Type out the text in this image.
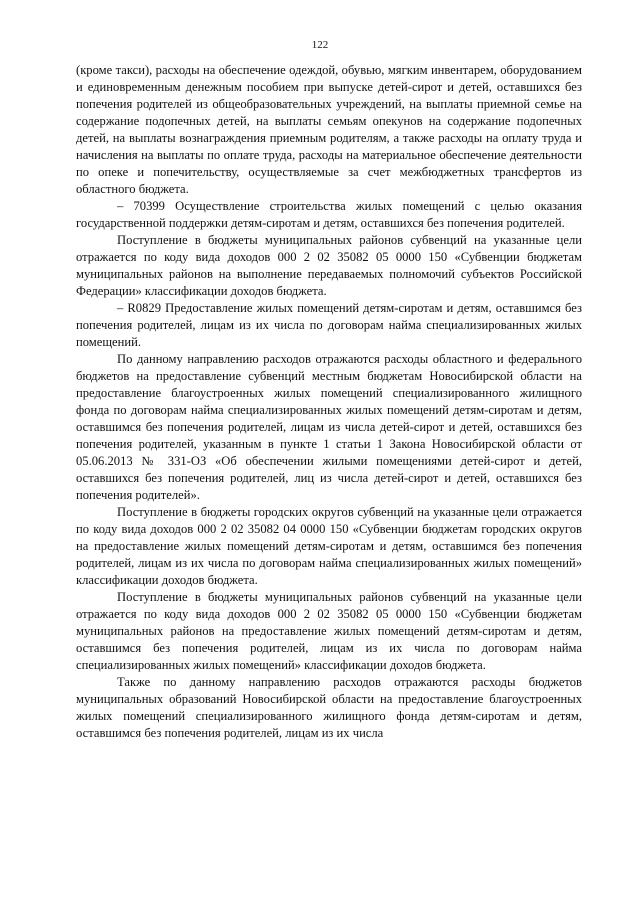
122

(кроме такси), расходы на обеспечение одеждой, обувью, мягким инвентарем, оборудованием и единовременным денежным пособием при выпуске детей-сирот и детей, оставшихся без попечения родителей из общеобразовательных учреждений, на выплаты приемной семье на содержание подопечных детей, на выплаты семьям опекунов на содержание подопечных детей, на выплаты вознаграждения приемным родителям, а также расходы на оплату труда и начисления на выплаты по оплате труда, расходы на материальное обеспечение деятельности по опеке и попечительству, осуществляемые за счет межбюджетных трансфертов из областного бюджета.

– 70399 Осуществление строительства жилых помещений с целью оказания государственной поддержки детям-сиротам и детям, оставшихся без попечения родителей.

Поступление в бюджеты муниципальных районов субвенций на указанные цели отражается по коду вида доходов 000 2 02 35082 05 0000 150 «Субвенции бюджетам муниципальных районов на выполнение передаваемых полномочий субъектов Российской Федерации» классификации доходов бюджета.

– R0829 Предоставление жилых помещений детям-сиротам и детям, оставшимся без попечения родителей, лицам из их числа по договорам найма специализированных жилых помещений.

По данному направлению расходов отражаются расходы областного и федерального бюджетов на предоставление субвенций местным бюджетам Новосибирской области на предоставление благоустроенных жилых помещений специализированного жилищного фонда по договорам найма специализированных жилых помещений детям-сиротам и детям, оставшимся без попечения родителей, лицам из числа детей-сирот и детей, оставшихся без попечения родителей, указанным в пункте 1 статьи 1 Закона Новосибирской области от 05.06.2013 № 331-ОЗ «Об обеспечении жилыми помещениями детей-сирот и детей, оставшихся без попечения родителей, лиц из числа детей-сирот и детей, оставшихся без попечения родителей».

Поступление в бюджеты городских округов субвенций на указанные цели отражается по коду вида доходов 000 2 02 35082 04 0000 150 «Субвенции бюджетам городских округов на предоставление жилых помещений детям-сиротам и детям, оставшимся без попечения родителей, лицам из их числа по договорам найма специализированных жилых помещений» классификации доходов бюджета.

Поступление в бюджеты муниципальных районов субвенций на указанные цели отражается по коду вида доходов 000 2 02 35082 05 0000 150 «Субвенции бюджетам муниципальных районов на предоставление жилых помещений детям-сиротам и детям, оставшимся без попечения родителей, лицам из их числа по договорам найма специализированных жилых помещений» классификации доходов бюджета.

Также по данному направлению расходов отражаются расходы бюджетов муниципальных образований Новосибирской области на предоставление благоустроенных жилых помещений специализированного жилищного фонда детям-сиротам и детям, оставшимся без попечения родителей, лицам из их числа
